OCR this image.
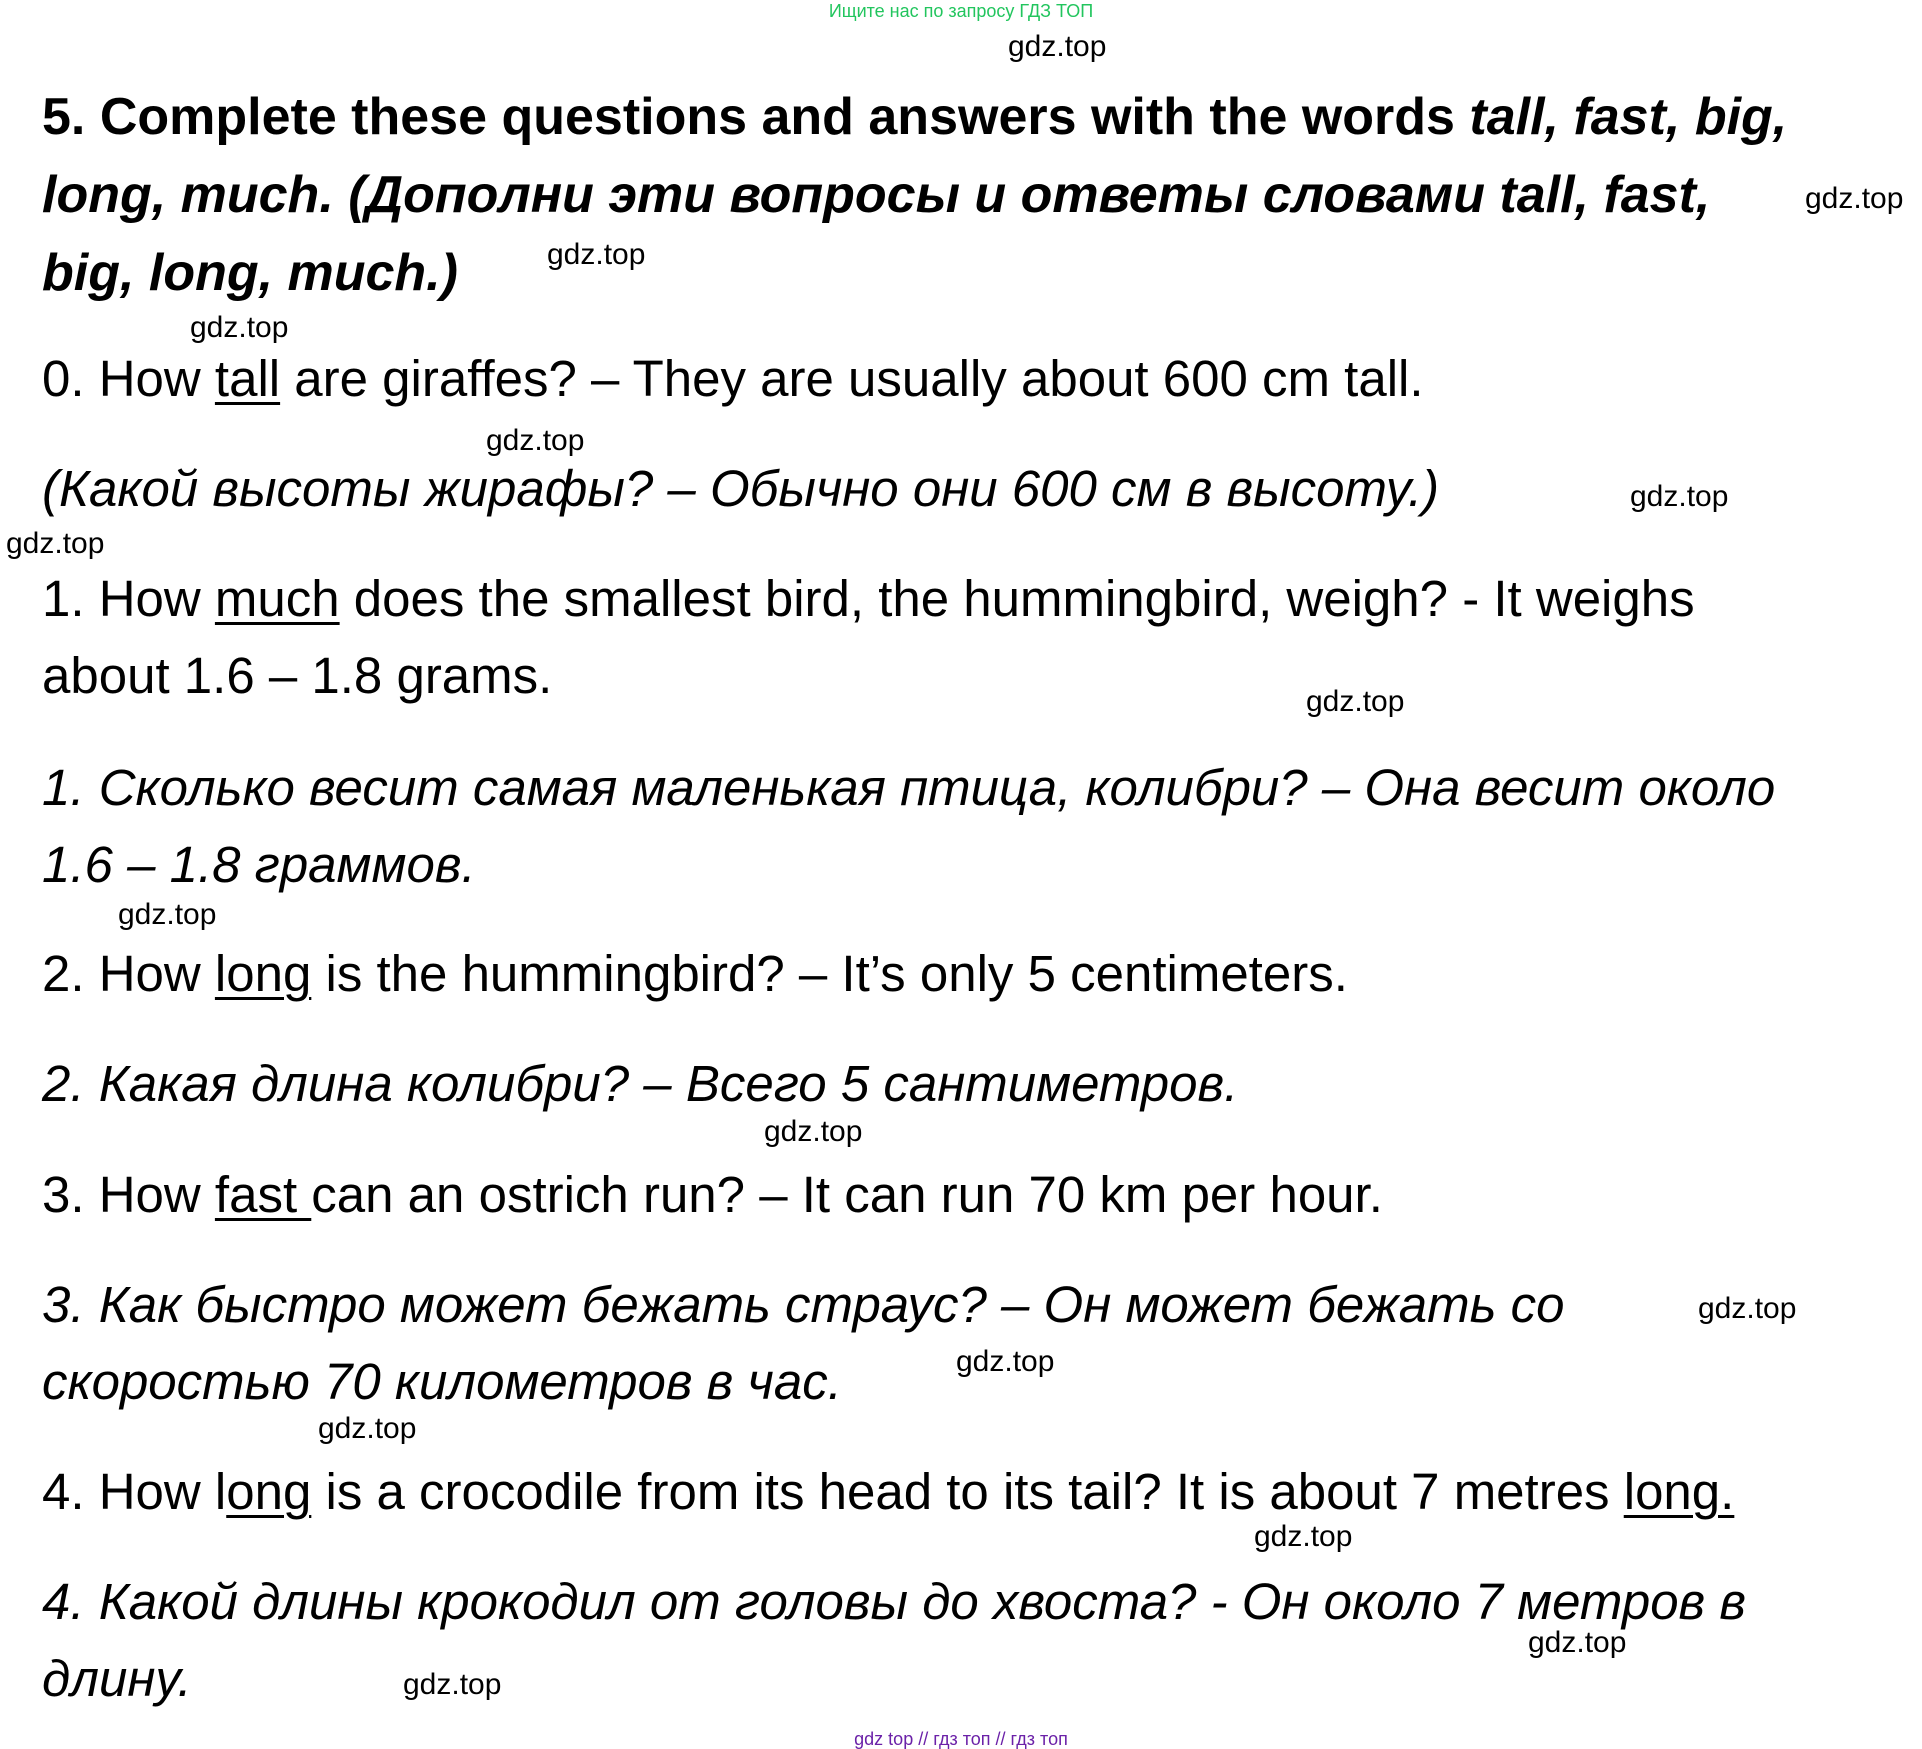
Ищите нас по запросу ГДЗ ТОП
gdz.top
gdz.top
gdz.top
gdz.top
gdz.top
gdz.top
gdz.top
gdz.top
gdz.top
gdz.top
gdz.top
gdz.top
gdz.top
gdz.top
gdz.top
gdz.top

5. Complete these questions and answers with the words tall, fast, big, long, much. (Дополни эти вопросы и ответы словами tall, fast, big, long, much.)

0. How tall are giraffes? – They are usually about 600 cm tall.

(Какой высоты жирафы? – Обычно они 600 см в высоту.)

1. How much does the smallest bird, the hummingbird, weigh? - It weighs

about 1.6 – 1.8 grams.

1. Сколько весит самая маленькая птица, колибри? – Она весит около

1.6 – 1.8 граммов.

2. How long is the hummingbird? – It’s only 5 centimeters.

2. Какая длина колибри? – Всего 5 сантиметров.

3. How fast can an ostrich run? – It can run 70 km per hour.

3. Как быстро может бежать страус? – Он может бежать со

скоростью 70 километров в час.

4. How long is a crocodile from its head to its tail? It is about 7 metres long.

4. Какой длины крокодил от головы до хвоста? - Он около 7 метров в

длину.

gdz top // гдз топ // гдз топ
